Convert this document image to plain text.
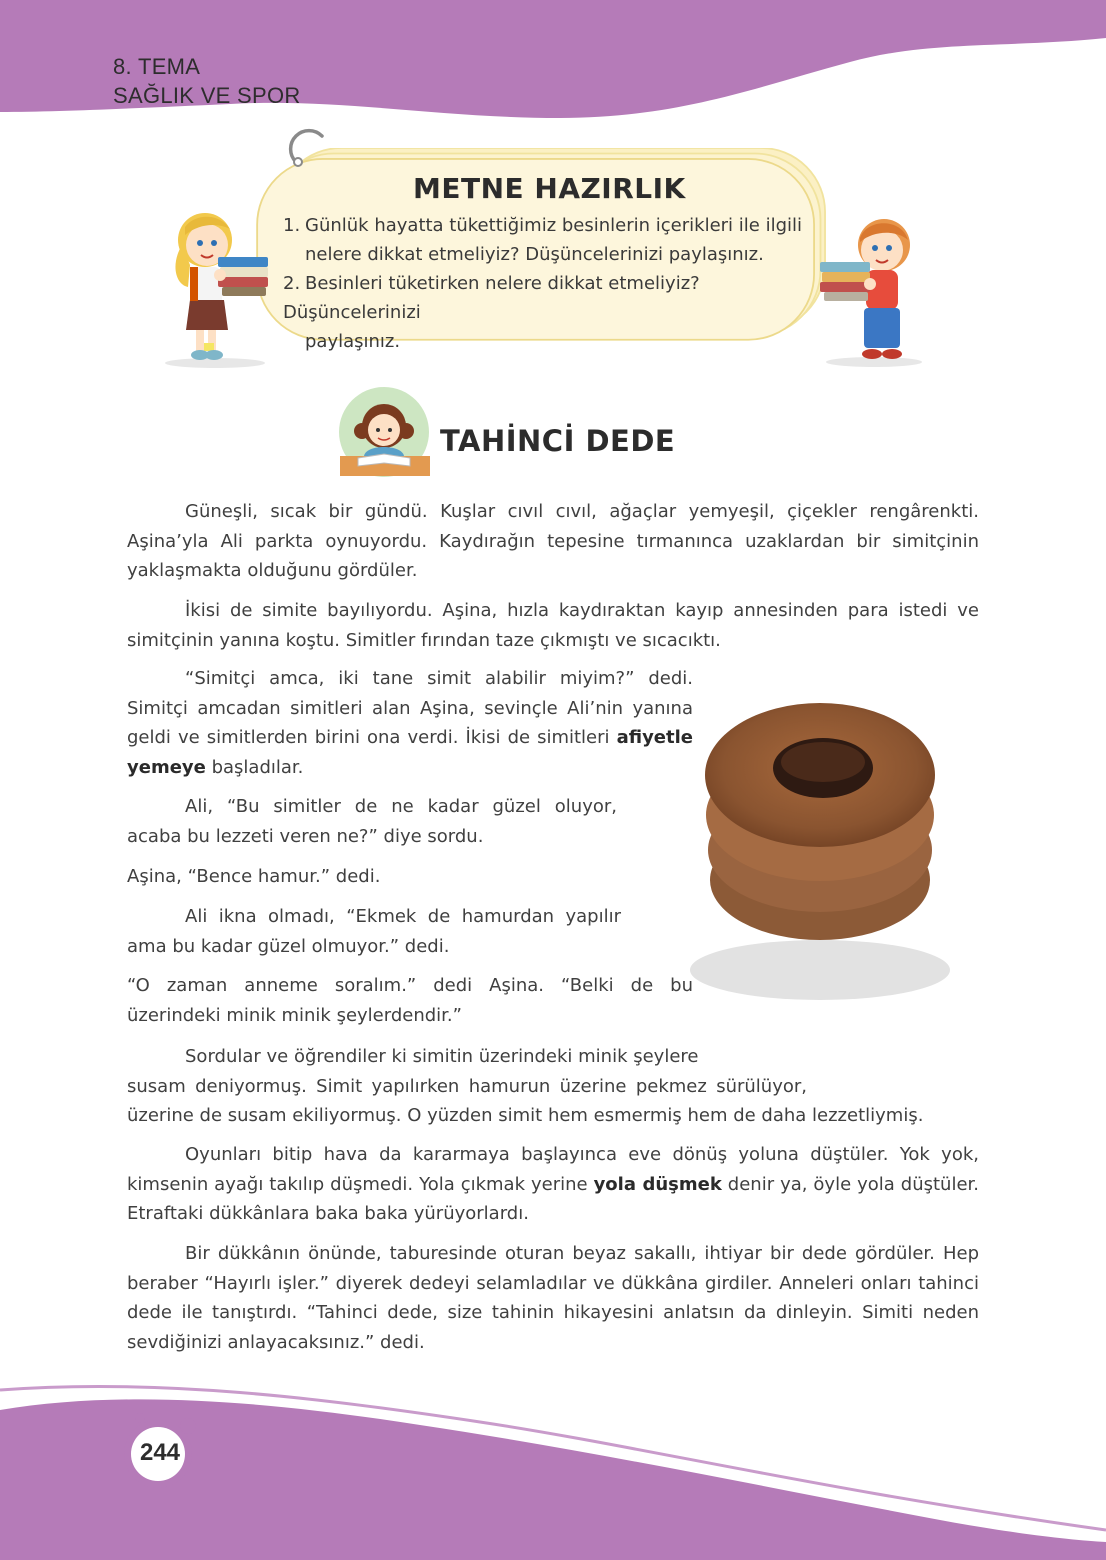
8. TEMA
SAĞLIK VE SPOR
METNE HAZIRLIK
1. Günlük hayatta tükettiğimiz besinlerin içerikleri ile ilgili
nelere dikkat etmeliyiz? Düşüncelerinizi paylaşınız.
2. Besinleri tüketirken nelere dikkat etmeliyiz? Düşüncelerinizi
paylaşınız.
TAHİNCİ DEDE
Güneşli, sıcak bir gündü. Kuşlar cıvıl cıvıl, ağaçlar yemyeşil, çiçekler rengârenkti. Aşina’yla Ali parkta oynuyordu. Kaydırağın tepesine tırmanınca uzaklardan bir simitçinin yaklaşmakta olduğunu gördüler.
İkisi de simite bayılıyordu. Aşina, hızla kaydıraktan kayıp annesinden para istedi ve simitçinin yanına koştu. Simitler fırından taze çıkmıştı ve sıcacıktı.
“Simitçi amca, iki tane simit alabilir miyim?” dedi. Simitçi amcadan simitleri alan Aşina, sevinçle Ali’nin yanına geldi ve simitlerden birini ona verdi. İkisi de simitleri afiyetle yemeye başladılar.
Ali, “Bu simitler de ne kadar güzel oluyor, acaba bu lezzeti veren ne?” diye sordu.
Aşina, “Bence hamur.” dedi.
Ali ikna olmadı, “Ekmek de hamurdan yapılır ama bu kadar güzel olmuyor.” dedi.
“O zaman anneme soralım.” dedi Aşina. “Belki de bu üzerindeki minik minik şeylerdendir.”
Sordular ve öğrendiler ki simitin üzerindeki minik şeylere
susam deniyormuş. Simit yapılırken hamurun üzerine pekmez sürülüyor,
üzerine de susam ekiliyormuş. O yüzden simit hem esmermiş hem de daha lezzetliymiş.
Oyunları bitip hava da kararmaya başlayınca eve dönüş yoluna düştüler. Yok yok, kimsenin ayağı takılıp düşmedi. Yola çıkmak yerine yola düşmek denir ya, öyle yola düştüler. Etraftaki dükkânlara baka baka yürüyorlardı.
Bir dükkânın önünde, taburesinde oturan beyaz sakallı, ihtiyar bir dede gördüler. Hep beraber “Hayırlı işler.” diyerek dedeyi selamladılar ve dükkâna girdiler. Anneleri onları tahinci dede ile tanıştırdı. “Tahinci dede, size tahinin hikayesini anlatsın da dinleyin. Simiti neden sevdiğinizi anlayacaksınız.” dedi.
244
